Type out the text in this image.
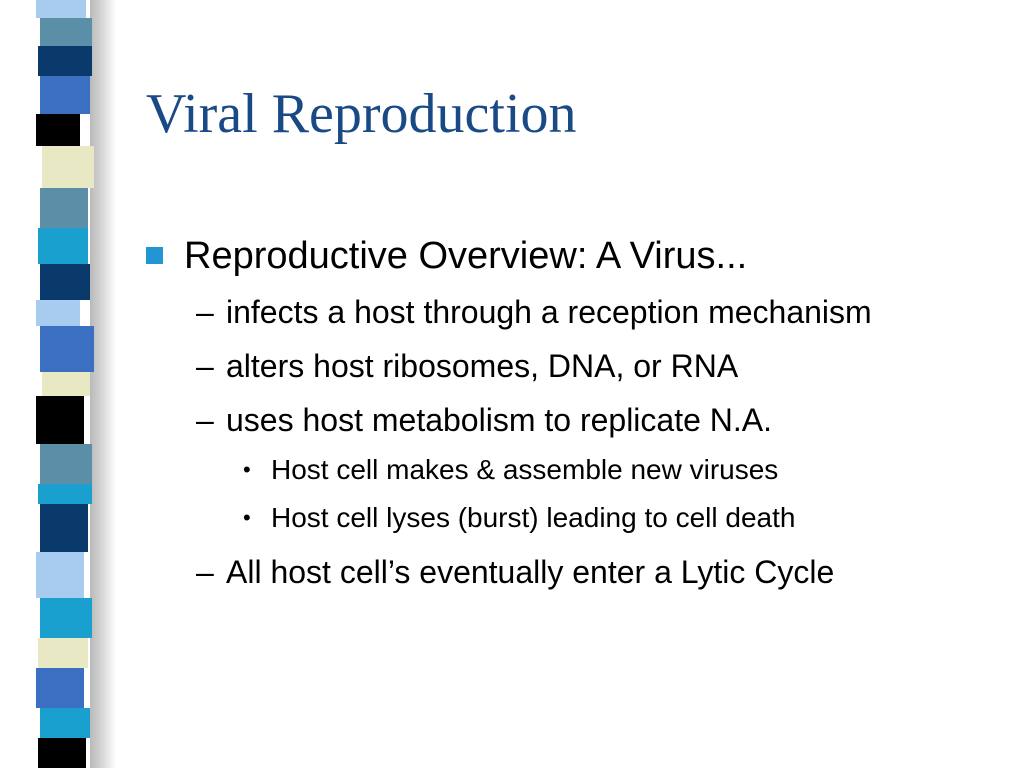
Viral Reproduction
Reproductive Overview: A Virus...
– infects a host through a reception mechanism
– alters host ribosomes, DNA, or RNA
– uses host metabolism to replicate N.A.
• Host cell makes & assemble new viruses
• Host cell lyses (burst) leading to cell death
– All host cell’s eventually enter a Lytic Cycle
